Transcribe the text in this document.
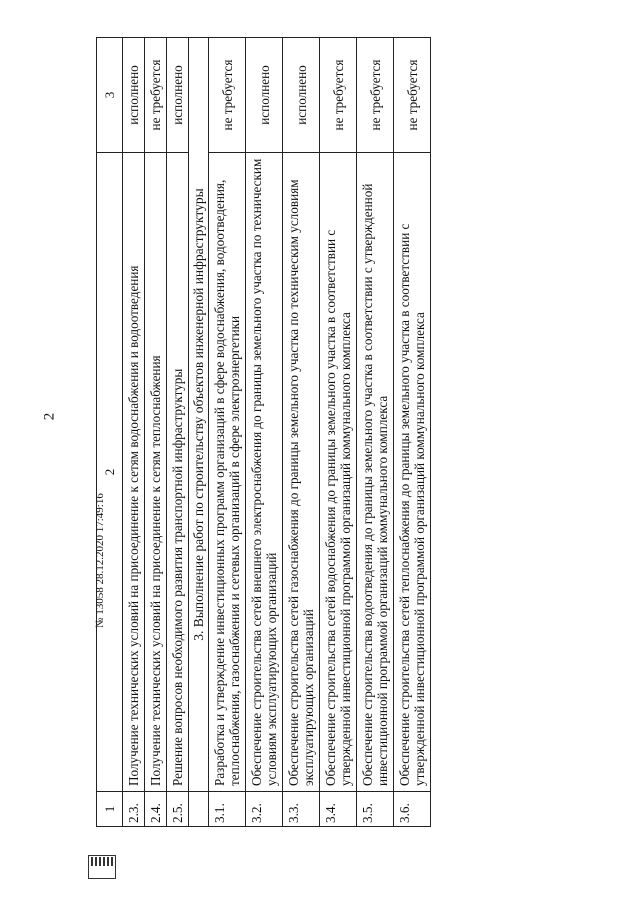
2
№ 13058 28.12.2020 17:49:16
1	2	3
2.3.	Получение технических условий на присоединение к сетям водоснабжения и водоотведения	исполнено
2.4.	Получение технических условий на присоединение к сетям теплоснабжения	не требуется
2.5.	Решение вопросов необходимого развития транспортной инфраструктуры	исполнено
	3. Выполнение работ по строительству объектов инженерной инфраструктуры	
3.1.	Разработка и утверждение инвестиционных программ организаций в сфере водоснабжения, водоотведения, теплоснабжения, газоснабжения и сетевых организаций в сфере электроэнергетики	не требуется
3.2.	Обеспечение строительства сетей внешнего электроснабжения до границы земельного участка по техническим условиям эксплуатирующих организаций	исполнено
3.3.	Обеспечение строительства сетей газоснабжения до границы земельного участка по техническим условиям эксплуатирующих организаций	исполнено
3.4.	Обеспечение строительства сетей водоснабжения до границы земельного участка в соответствии с утвержденной инвестиционной программой организаций коммунального комплекса	не требуется
3.5.	Обеспечение строительства водоотведения до границы земельного участка в соответствии с утвержденной инвестиционной программой организаций коммунального комплекса	не требуется
3.6.	Обеспечение строительства сетей теплоснабжения до границы земельного участка в соответствии с утвержденной инвестиционной программой организаций коммунального комплекса	не требуется
